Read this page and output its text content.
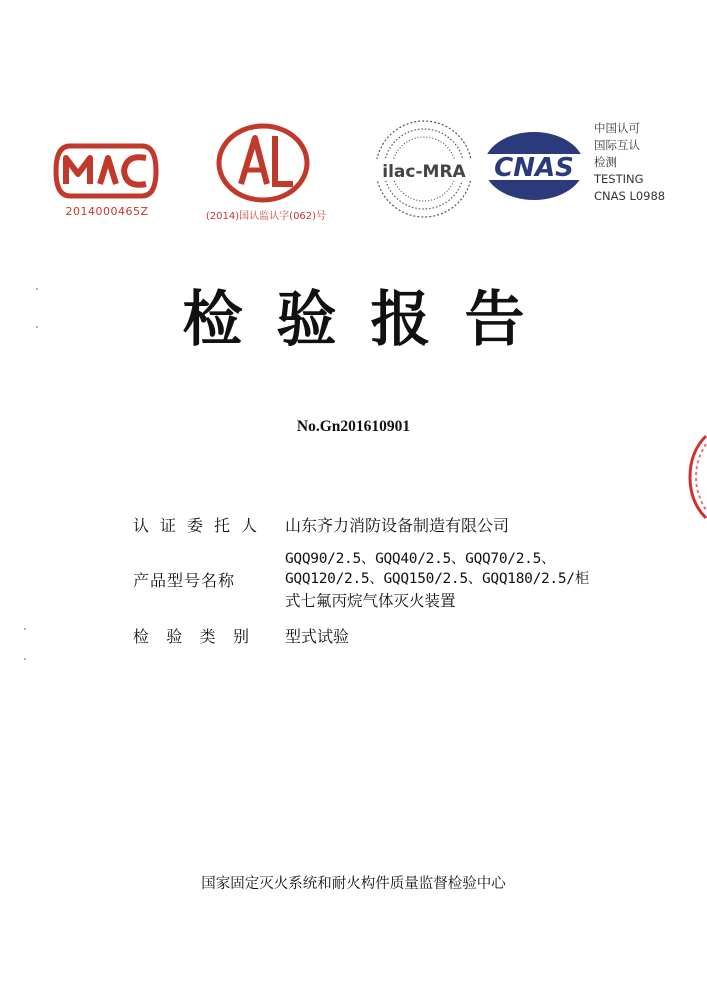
2014000465Z	(2014)国认监认字(062)号
ilac-MRA CNAS
中国认可
国际互认
检测
TESTING
CNAS L0988
检验报告
No.Gn201610901
认 证 委 托 人 山东齐力消防设备制造有限公司
产品型号名称
GQQ90/2.5、GQQ40/2.5、GQQ70/2.5、
GQQ120/2.5、GQQ150/2.5、GQQ180/2.5/柜
式七氟丙烷气体灭火装置
检 验 类 别 型式试验
国家固定灭火系统和耐火构件质量监督检验中心
